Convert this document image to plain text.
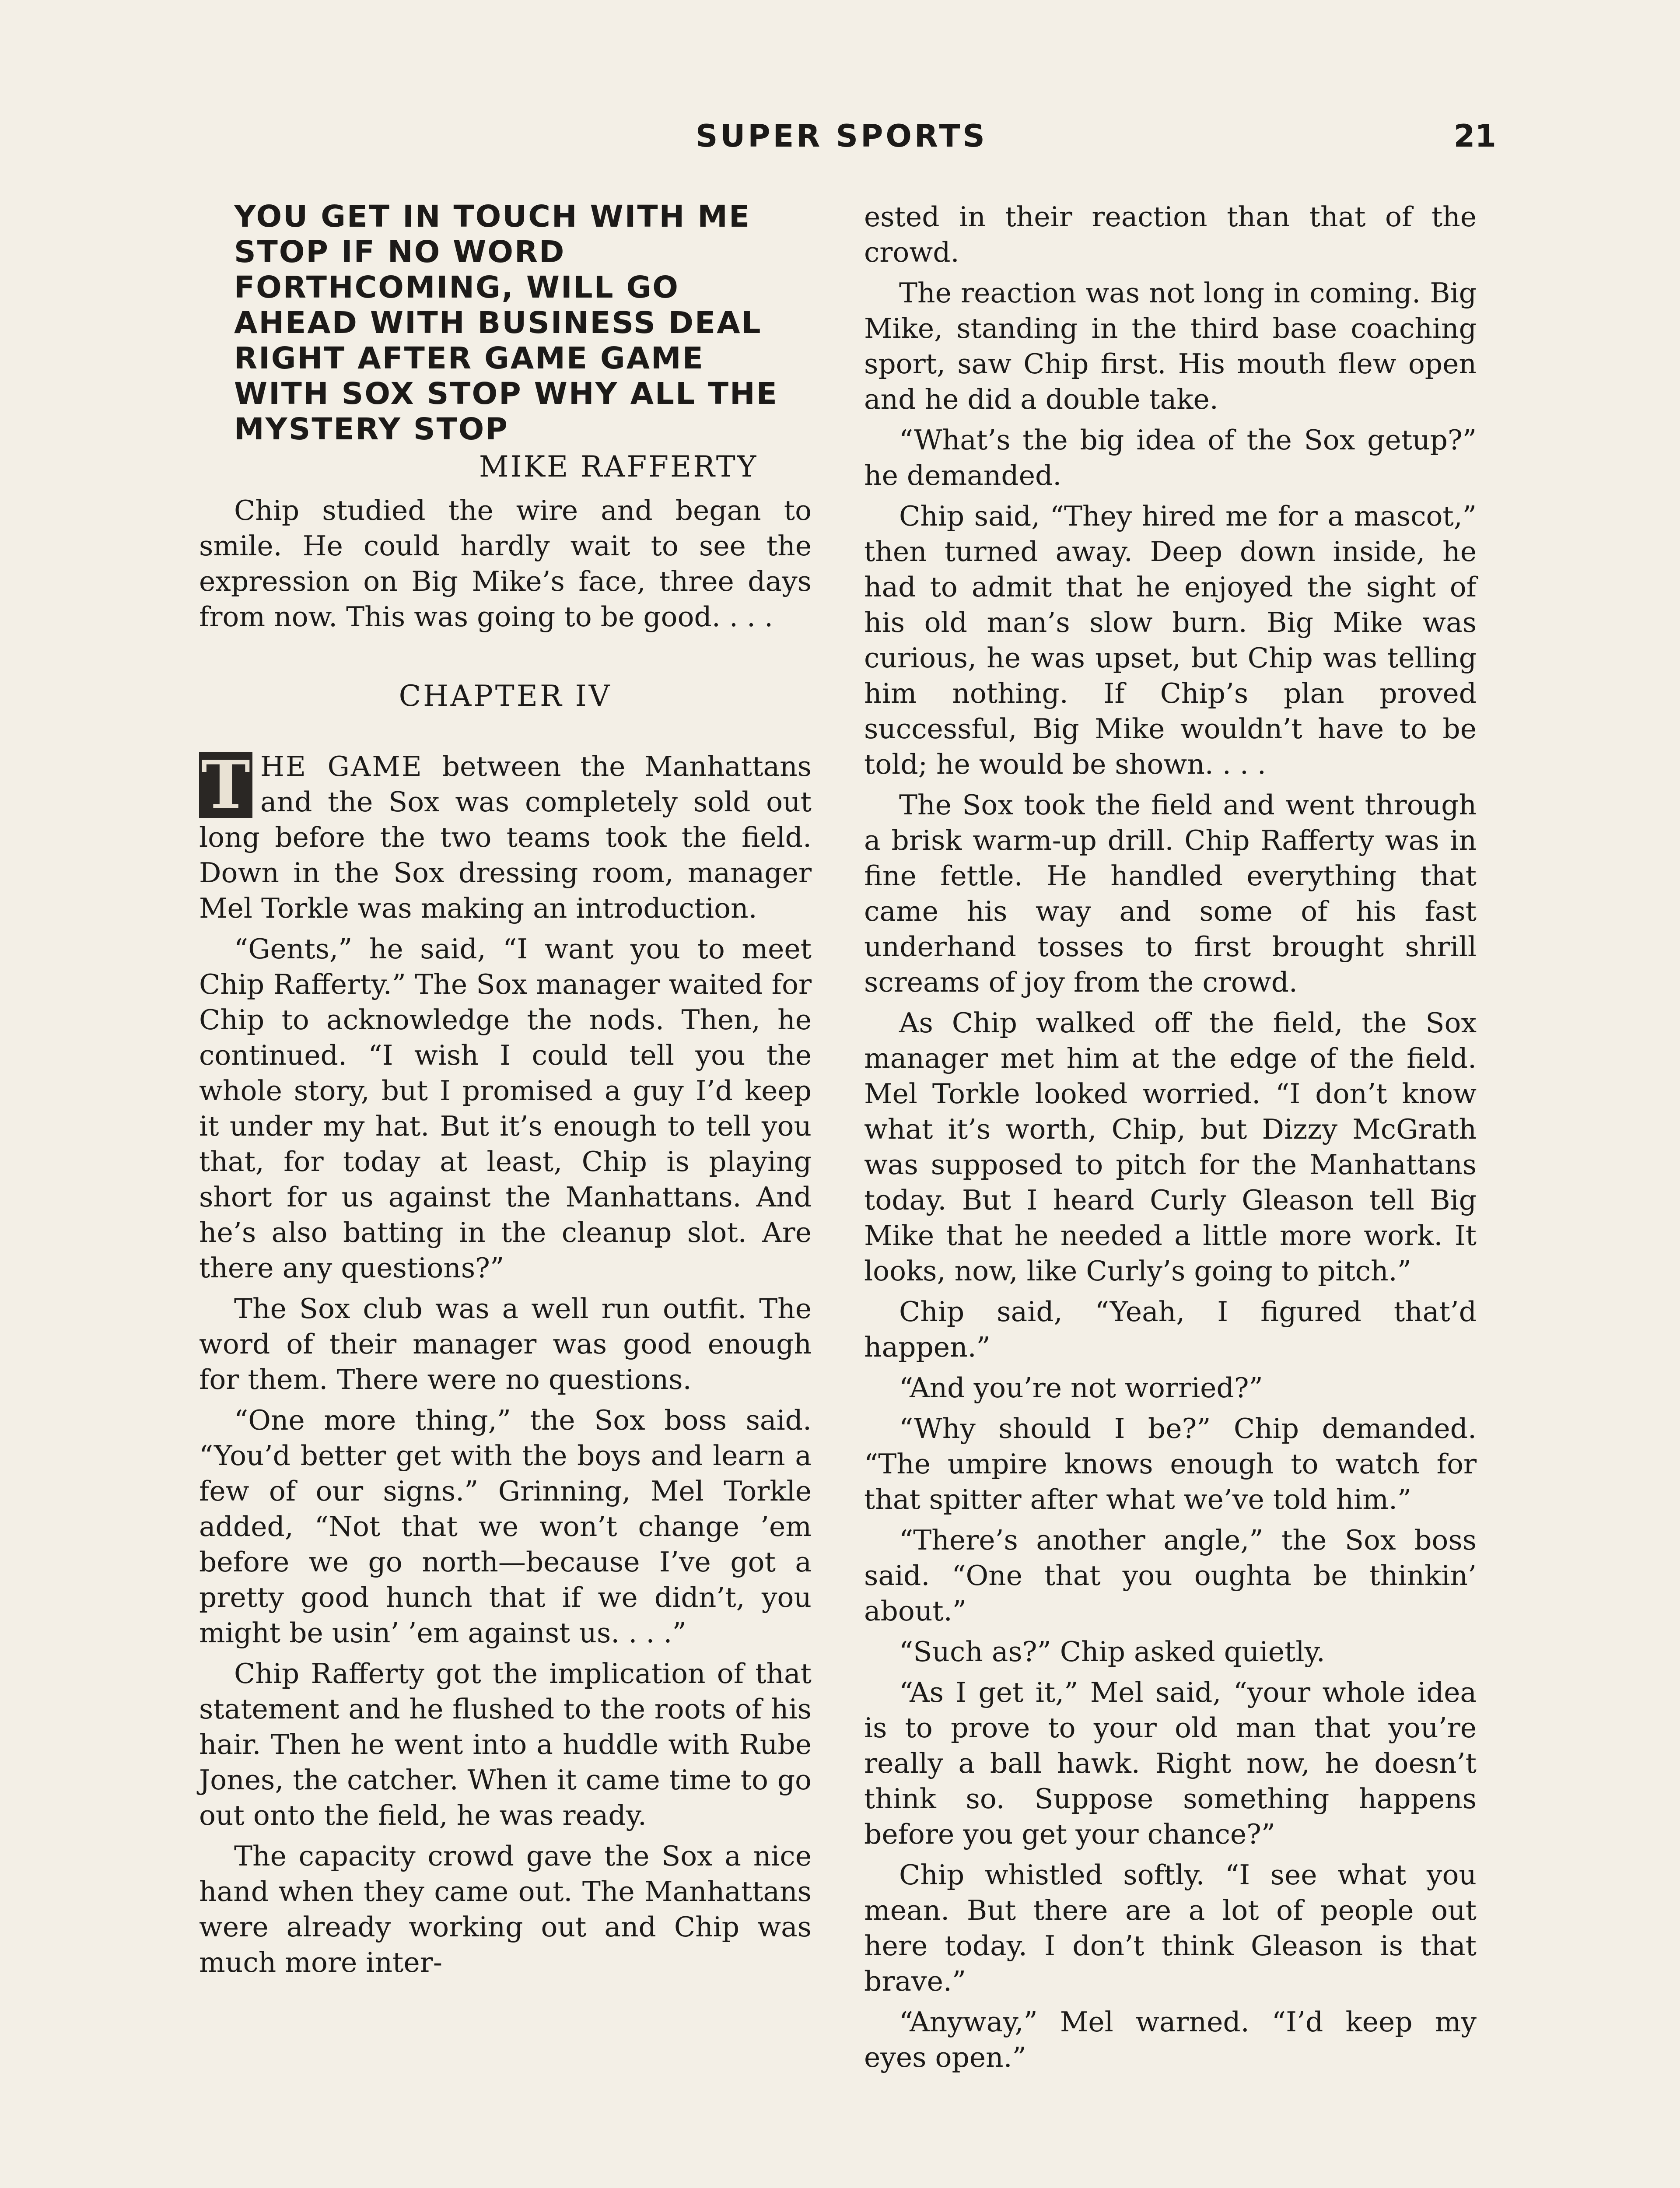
SUPER SPORTS	21
YOU GET IN TOUCH WITH ME STOP IF NO WORD FORTHCOMING, WILL GO AHEAD WITH BUSINESS DEAL RIGHT AFTER GAME GAME WITH SOX STOP WHY ALL THE MYSTERY STOP
MIKE RAFFERTY

Chip studied the wire and began to smile. He could hardly wait to see the expression on Big Mike’s face, three days from now. This was going to be good. . . .

CHAPTER IV

T HE GAME between the Manhattans and the Sox was completely sold out long before the two teams took the field. Down in the Sox dressing room, manager Mel Torkle was making an introduction.

“Gents,” he said, “I want you to meet Chip Rafferty.” The Sox manager waited for Chip to acknowledge the nods. Then, he continued. “I wish I could tell you the whole story, but I promised a guy I’d keep it under my hat. But it’s enough to tell you that, for today at least, Chip is playing short for us against the Manhattans. And he’s also batting in the cleanup slot. Are there any questions?”

The Sox club was a well run outfit. The word of their manager was good enough for them. There were no questions.

“One more thing,” the Sox boss said. “You’d better get with the boys and learn a few of our signs.” Grinning, Mel Torkle added, “Not that we won’t change ’em before we go north—because I’ve got a pretty good hunch that if we didn’t, you might be usin’ ’em against us. . . .”

Chip Rafferty got the implication of that statement and he flushed to the roots of his hair. Then he went into a huddle with Rube Jones, the catcher. When it came time to go out onto the field, he was ready.

The capacity crowd gave the Sox a nice hand when they came out. The Manhattans were already working out and Chip was much more inter-

ested in their reaction than that of the crowd.

The reaction was not long in coming. Big Mike, standing in the third base coaching sport, saw Chip first. His mouth flew open and he did a double take.

“What’s the big idea of the Sox getup?” he demanded.

Chip said, “They hired me for a mascot,” then turned away. Deep down inside, he had to admit that he enjoyed the sight of his old man’s slow burn. Big Mike was curious, he was upset, but Chip was telling him nothing. If Chip’s plan proved successful, Big Mike wouldn’t have to be told; he would be shown. . . .

The Sox took the field and went through a brisk warm-up drill. Chip Rafferty was in fine fettle. He handled everything that came his way and some of his fast underhand tosses to first brought shrill screams of joy from the crowd.

As Chip walked off the field, the Sox manager met him at the edge of the field. Mel Torkle looked worried. “I don’t know what it’s worth, Chip, but Dizzy McGrath was supposed to pitch for the Manhattans today. But I heard Curly Gleason tell Big Mike that he needed a little more work. It looks, now, like Curly’s going to pitch.”

Chip said, “Yeah, I figured that’d happen.”

“And you’re not worried?”

“Why should I be?” Chip demanded. “The umpire knows enough to watch for that spitter after what we’ve told him.”

“There’s another angle,” the Sox boss said. “One that you oughta be thinkin’ about.”

“Such as?” Chip asked quietly.

“As I get it,” Mel said, “your whole idea is to prove to your old man that you’re really a ball hawk. Right now, he doesn’t think so. Suppose something happens before you get your chance?”

Chip whistled softly. “I see what you mean. But there are a lot of people out here today. I don’t think Gleason is that brave.”

“Anyway,” Mel warned. “I’d keep my eyes open.”
